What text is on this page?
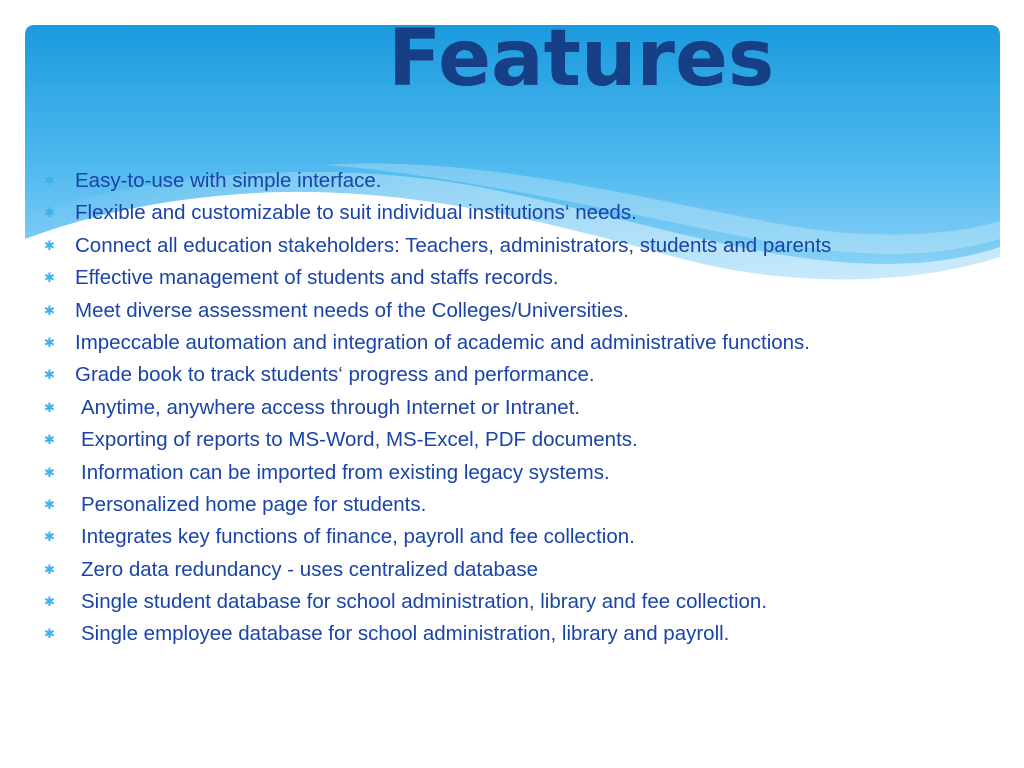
Features
✱ Easy-to-use with simple interface.
✱ Flexible and customizable to suit individual institutions‘ needs.
✱ Connect all education stakeholders: Teachers, administrators, students and parents
✱ Effective management of students and staffs records.
✱ Meet diverse assessment needs of the Colleges/Universities.
✱ Impeccable automation and integration of academic and administrative functions.
✱ Grade book to track students‘ progress and performance.
✱	Anytime, anywhere access through Internet or Intranet.
✱	Exporting of reports to MS-Word, MS-Excel, PDF documents.
✱	Information can be imported from existing legacy systems.
✱	Personalized home page for students.
✱	Integrates key functions of finance, payroll and fee collection.
✱	Zero data redundancy - uses centralized database
✱	Single student database for school administration, library and fee collection.
✱	Single employee database for school administration, library and payroll.
